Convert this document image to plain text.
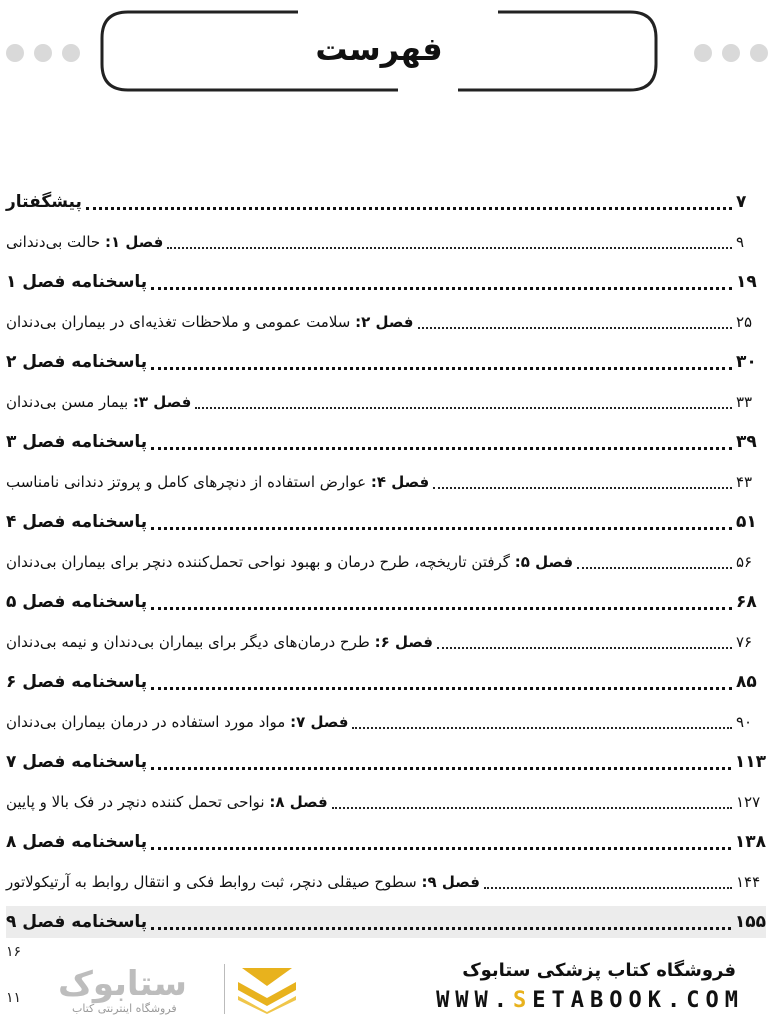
فهرست
پیشگفتار	۷
فصل ۱: حالت بی‌دندانی	۹
پاسخنامه فصل ۱	۱۹
فصل ۲: سلامت عمومی و ملاحظات تغذیه‌ای در بیماران بی‌دندان	۲۵
پاسخنامه فصل ۲	۳۰
فصل ۳: بیمار مسن بی‌دندان	۳۳
پاسخنامه فصل ۳	۳۹
فصل ۴: عوارض استفاده از دنچرهای کامل و پروتز دندانی نامناسب	۴۳
پاسخنامه فصل ۴	۵۱
فصل ۵: گرفتن تاریخچه، طرح درمان و بهبود نواحی تحمل‌کننده دنچر برای بیماران بی‌دندان	۵۶
پاسخنامه فصل ۵	۶۸
فصل ۶: طرح درمان‌های دیگر برای بیماران بی‌دندان و نیمه بی‌دندان	۷۶
پاسخنامه فصل ۶	۸۵
فصل ۷: مواد مورد استفاده در درمان بیماران بی‌دندان	۹۰
پاسخنامه فصل ۷	۱۱۳
فصل ۸: نواحی تحمل کننده دنچر در فک بالا و پایین	۱۲۷
پاسخنامه فصل ۸	۱۳۸
فصل ۹: سطوح صیقلی دنچر، ثبت روابط فکی و انتقال روابط به آرتیکولاتور	۱۴۴
پاسخنامه فصل ۹	۱۵۵
۱۶
۱۱ ستابوک
فروشگاه اینترنتی کتاب
فروشگاه کتاب پزشکی ستابوک
WWW.SETABOOK.COM
